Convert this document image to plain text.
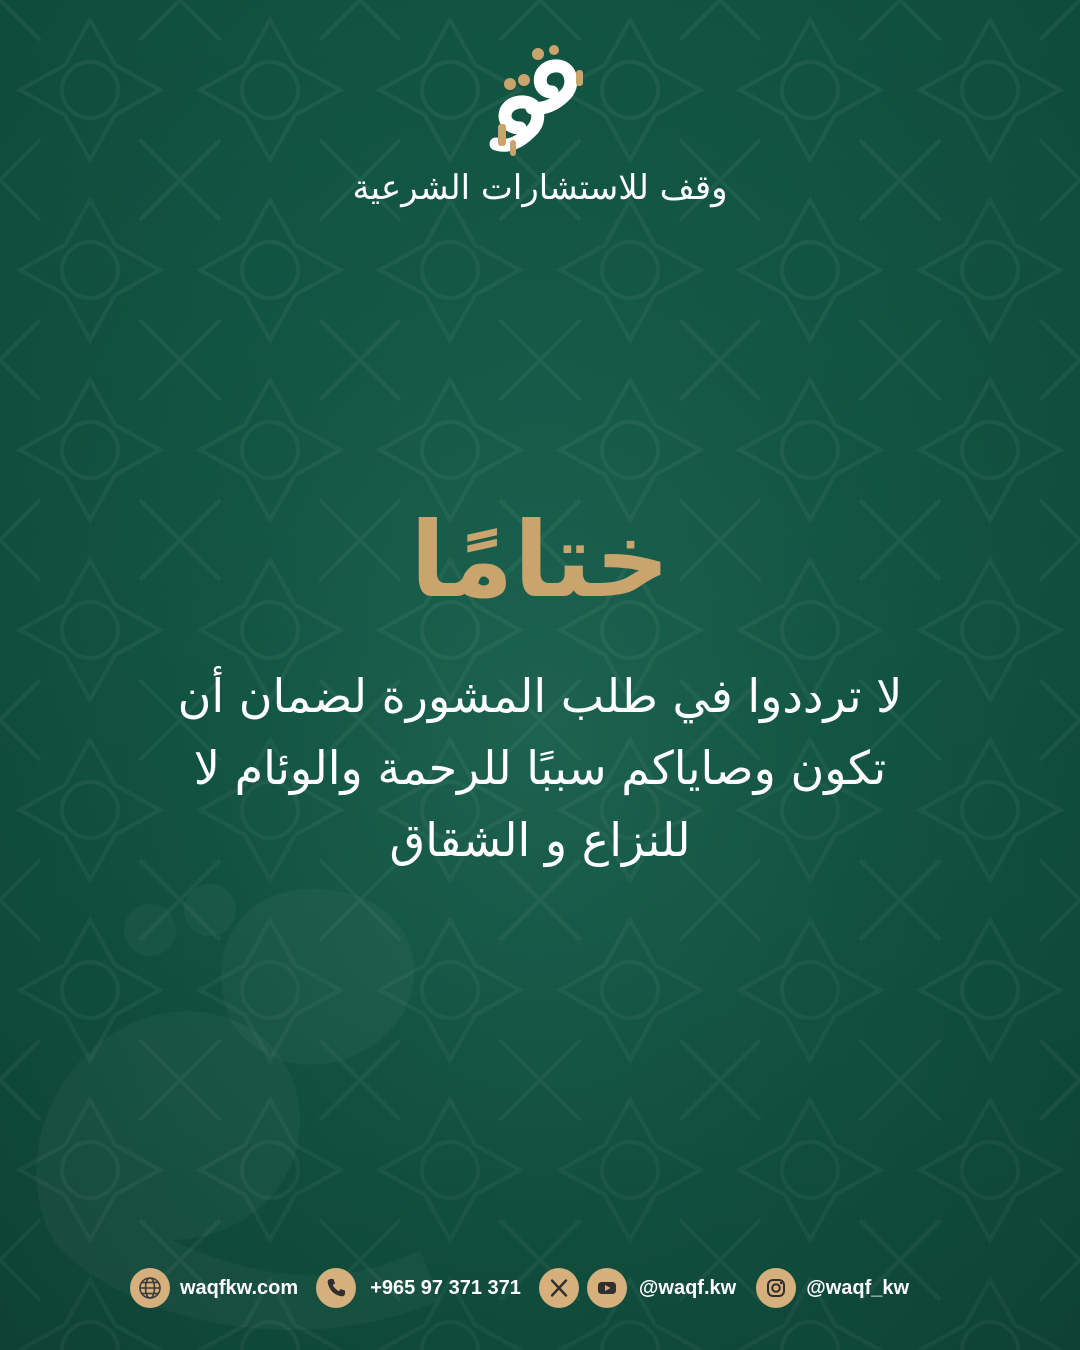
وقف للاستشارات الشرعية
ختامًا
لا ترددوا في طلب المشورة لضمان أن
تكون وصاياكم سببًا للرحمة والوئام لا
للنزاع و الشقاق
waqfkw.com	+965 97 371 371	@waqf.kw	@waqf_kw
